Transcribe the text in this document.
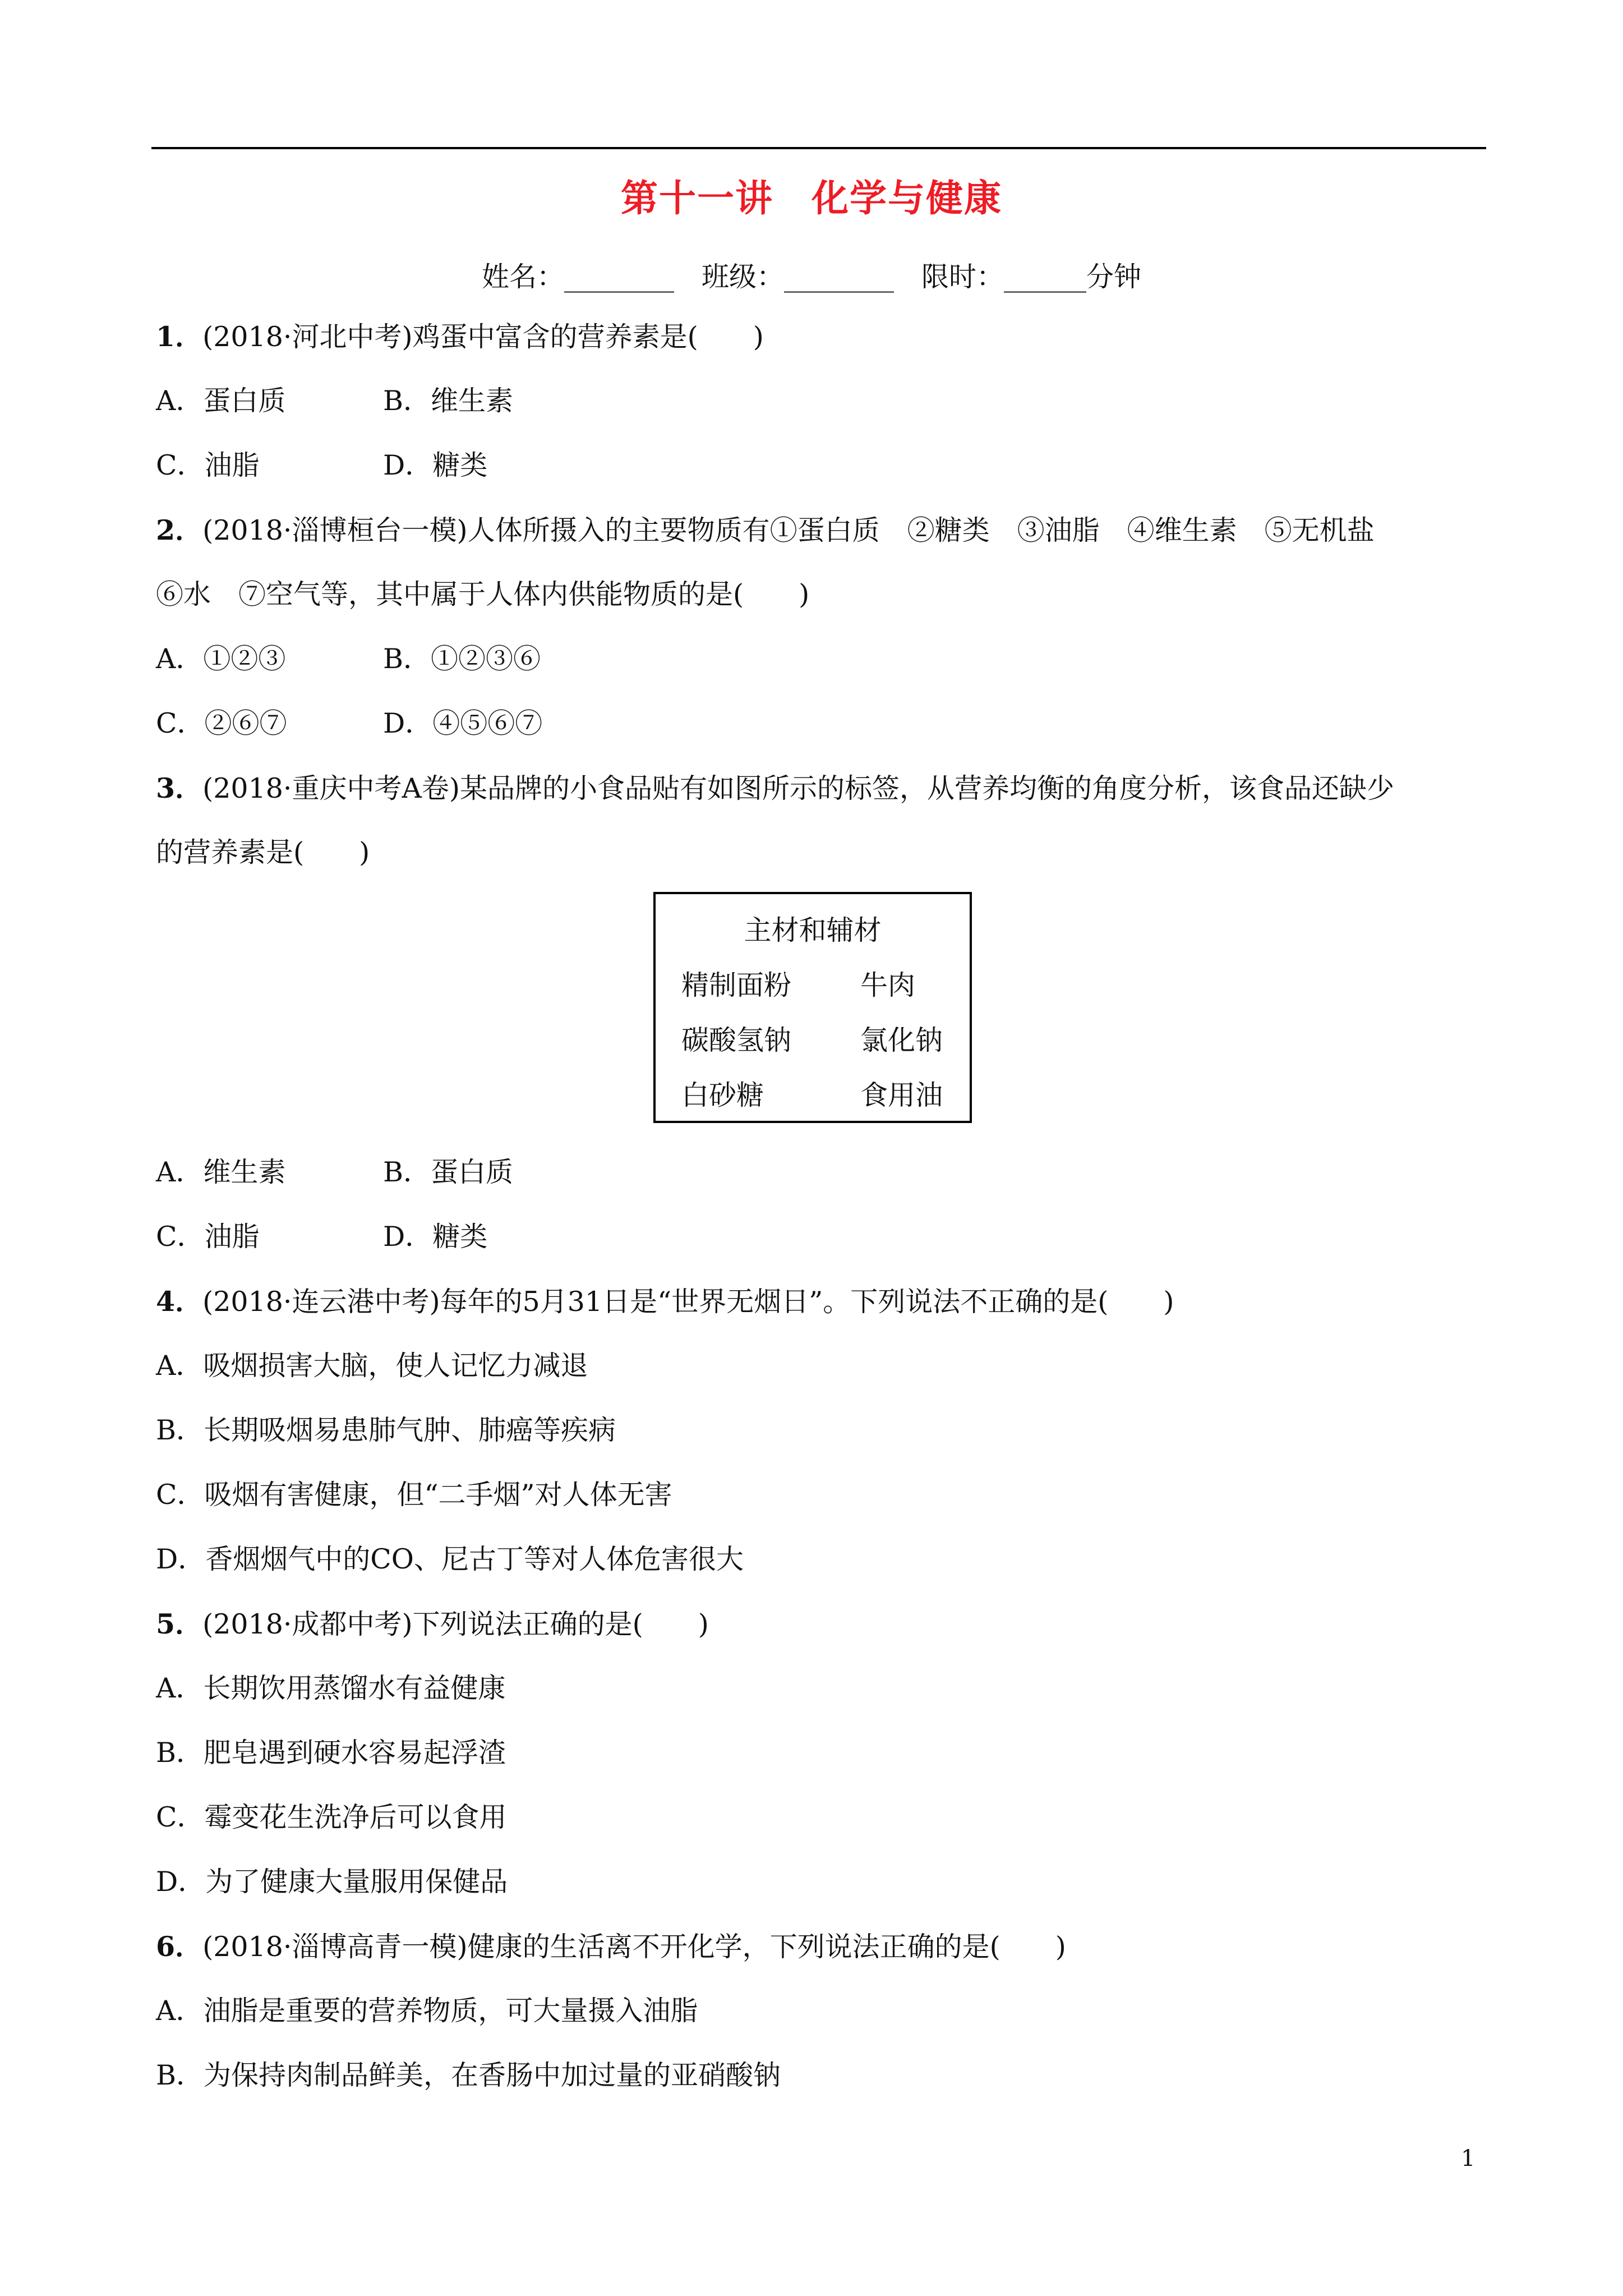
第十一讲　化学与健康
姓名：________　班级：________　限时：______分钟
1．(2018·河北中考)鸡蛋中富含的营养素是(　　)
A．蛋白质	B．维生素
C．油脂	D．糖类
2．(2018·淄博桓台一模)人体所摄入的主要物质有①蛋白质　②糖类　③油脂　④维生素　⑤无机盐
⑥水　⑦空气等，其中属于人体内供能物质的是(　　)
A．①②③	B．①②③⑥
C．②⑥⑦	D．④⑤⑥⑦
3．(2018·重庆中考A卷)某品牌的小食品贴有如图所示的标签，从营养均衡的角度分析，该食品还缺少
的营养素是(　　)
主材和辅材
精制面粉	牛肉
碳酸氢钠	氯化钠
白砂糖	食用油
A．维生素	B．蛋白质
C．油脂	D．糖类
4．(2018·连云港中考)每年的5月31日是“世界无烟日”。下列说法不正确的是(　　)
A．吸烟损害大脑，使人记忆力减退
B．长期吸烟易患肺气肿、肺癌等疾病
C．吸烟有害健康，但“二手烟”对人体无害
D．香烟烟气中的CO、尼古丁等对人体危害很大
5．(2018·成都中考)下列说法正确的是(　　)
A．长期饮用蒸馏水有益健康
B．肥皂遇到硬水容易起浮渣
C．霉变花生洗净后可以食用
D．为了健康大量服用保健品
6．(2018·淄博高青一模)健康的生活离不开化学，下列说法正确的是(　　)
A．油脂是重要的营养物质，可大量摄入油脂
B．为保持肉制品鲜美，在香肠中加过量的亚硝酸钠
1
